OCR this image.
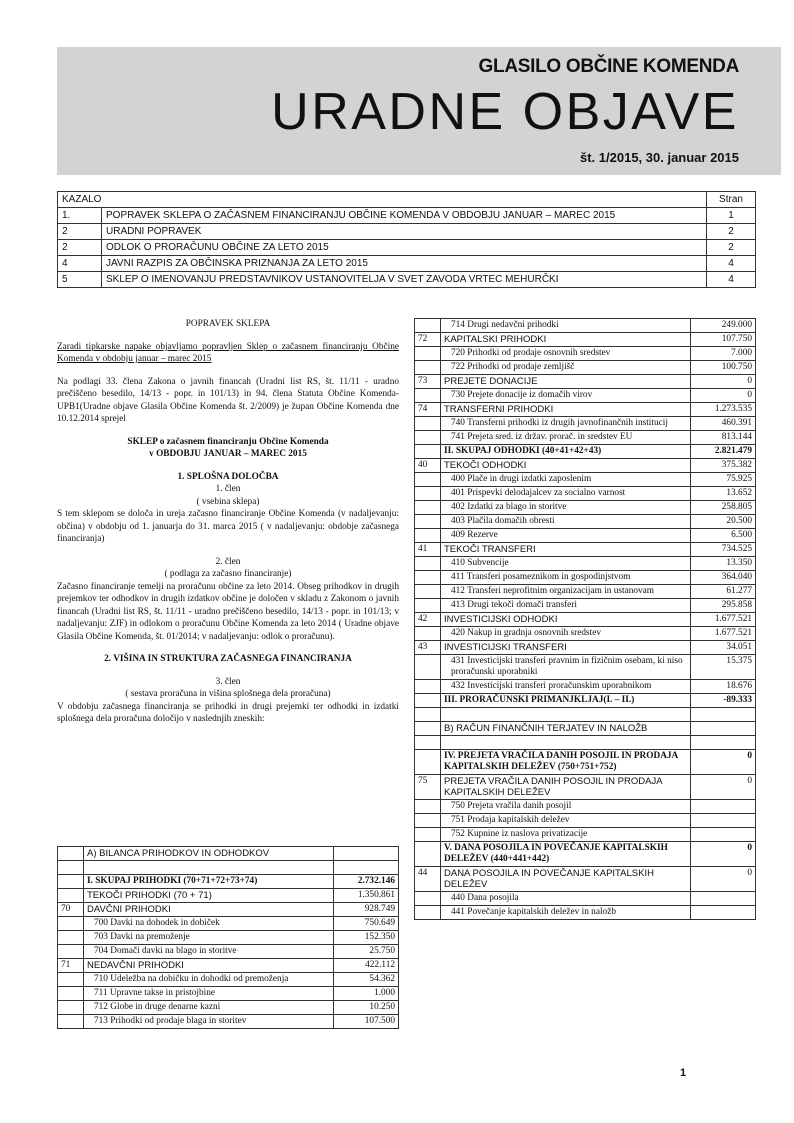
GLASILO OBČINE KOMENDA
URADNE OBJAVE
št. 1/2015, 30. januar 2015
KAZALO		Stran
1.	POPRAVEK SKLEPA O ZAČASNEM FINANCIRANJU OBČINE KOMENDA V OBDOBJU JANUAR – MAREC 2015	1
2	URADNI POPRAVEK	2
2	ODLOK O PRORAČUNU OBČINE ZA LETO 2015	2
4	JAVNI RAZPIS ZA OBČINSKA PRIZNANJA ZA LETO 2015	4
5	SKLEP O IMENOVANJU PREDSTAVNIKOV USTANOVITELJA V SVET ZAVODA VRTEC MEHURČKI	4

POPRAVEK SKLEPA

Zaradi tipkarske napake objavljamo popravljen Sklep o začasnem financiranju Občine Komenda v obdobju januar – marec 2015

Na podlagi 33. člena Zakona o javnih financah (Uradni list RS, št. 11/11 - uradno prečiščeno besedilo, 14/13 - popr. in 101/13) in 94. člena Statuta Občine Komenda-UPB1(Uradne objave Glasila Občine Komenda št. 2/2009) je župan Občine Komenda dne 10.12.2014 sprejel

SKLEP o začasnem financiranju Občine Komenda

v OBDOBJU JANUAR – MAREC 2015

1. SPLOŠNA DOLOČBA

1. člen

( vsebina sklepa)

S tem sklepom se določa in ureja začasno financiranje Občine Komenda (v nadaljevanju: občina) v obdobju od 1. januarja do 31. marca 2015 ( v nadaljevanju: obdobje začasnega financiranja)

2. člen

( podlaga za začasno financiranje)

Začasno financiranje temelji na proračunu občine za leto 2014. Obseg prihodkov in drugih prejemkov ter odhodkov in drugih izdatkov občine je določen v skladu z Zakonom o javnih financah (Uradni list RS, št. 11/11 - uradno prečiščeno besedilo, 14/13 - popr. in 101/13; v nadaljevanju: ZJF) in odlokom o proračunu Občine Komenda za leto 2014 ( Uradne objave Glasila Občine Komenda, št. 01/2014; v nadaljevanju: odlok o proračunu).

2. VIŠINA IN STRUKTURA ZAČASNEGA FINANCIRANJA

3. člen

( sestava proračuna in višina splošnega dela proračuna)

V obdobju začasnega financiranja se prihodki in drugi prejemki ter odhodki in izdatki splošnega dela proračuna določijo v naslednjih zneskih:

	A) BILANCA PRIHODKOV IN ODHODKOV	

	I. SKUPAJ PRIHODKI (70+71+72+73+74)	2.732.146
	TEKOČI PRIHODKI (70 + 71)	1.350.861
70	DAVČNI PRIHODKI	928.749
	700 Davki na dohodek in dobiček	750.649
	703 Davki na premoženje	152.350
	704 Domači davki na blago in storitve	25.750
71	NEDAVČNI PRIHODKI	422.112
	710 Udeležba na dobičku in dohodki od premoženja	54.362
	711 Upravne takse in pristojbine	1.000
	712 Globe in druge denarne kazni	10.250
	713 Prihodki od prodaje blaga in storitev	107.500
	714 Drugi nedavčni prihodki	249.000
72	KAPITALSKI PRIHODKI	107.750
	720 Prihodki od prodaje osnovnih sredstev	7.000
	722 Prihodki od prodaje zemljišč	100.750
73	PREJETE DONACIJE	0
	730 Prejete donacije iz domačih virov	0
74	TRANSFERNI PRIHODKI	1.273.535
	740 Transferni prihodki iz drugih javnofinančnih institucij	460.391
	741 Prejeta sred. iz držav. prorač. in sredstev EU	813.144
	II. SKUPAJ ODHODKI (40+41+42+43)	2.821.479
40	TEKOČI ODHODKI	375.382
	400 Plače in drugi izdatki zaposlenim	75.925
	401 Prispevki delodajalcev za socialno varnost	13.652
	402 Izdatki za blago in storitve	258.805
	403 Plačila domačih obresti	20.500
	409 Rezerve	6.500
41	TEKOČI TRANSFERI	734.525
	410 Subvencije	13.350
	411 Transferi posameznikom in gospodinjstvom	364.040
	412 Transferi neprofitnim organizacijam in ustanovam	61.277
	413 Drugi tekoči domači transferi	295.858
42	INVESTICIJSKI ODHODKI	1.677.521
	420 Nakup in gradnja osnovnih sredstev	1.677.521
43	INVESTICIJSKI TRANSFERI	34.051
	431 Investicijski transferi pravnim in fizičnim osebam, ki niso proračunski uporabniki	15.375
	432 Investicijski transferi proračunskim uporabnikom	18.676
	III. PRORAČUNSKI PRIMANJKLJAJ(I. – II.)	-89.333

	B) RAČUN FINANČNIH TERJATEV IN NALOŽB	

	IV. PREJETA VRAČILA DANIH POSOJIL IN PRODAJA KAPITALSKIH DELEŽEV (750+751+752)	0
75	PREJETA VRAČILA DANIH POSOJIL IN PRODAJA KAPITALSKIH DELEŽEV	0
	750 Prejeta vračila danih posojil	
	751 Prodaja kapitalskih deležev	
	752 Kupnine iz naslova privatizacije	
	V. DANA POSOJILA IN POVEČANJE KAPITALSKIH DELEŽEV (440+441+442)	0
44	DANA POSOJILA IN POVEČANJE KAPITALSKIH DELEŽEV	0
	440 Dana posojila	
	441 Povečanje kapitalskih deležev in naložb	
1
